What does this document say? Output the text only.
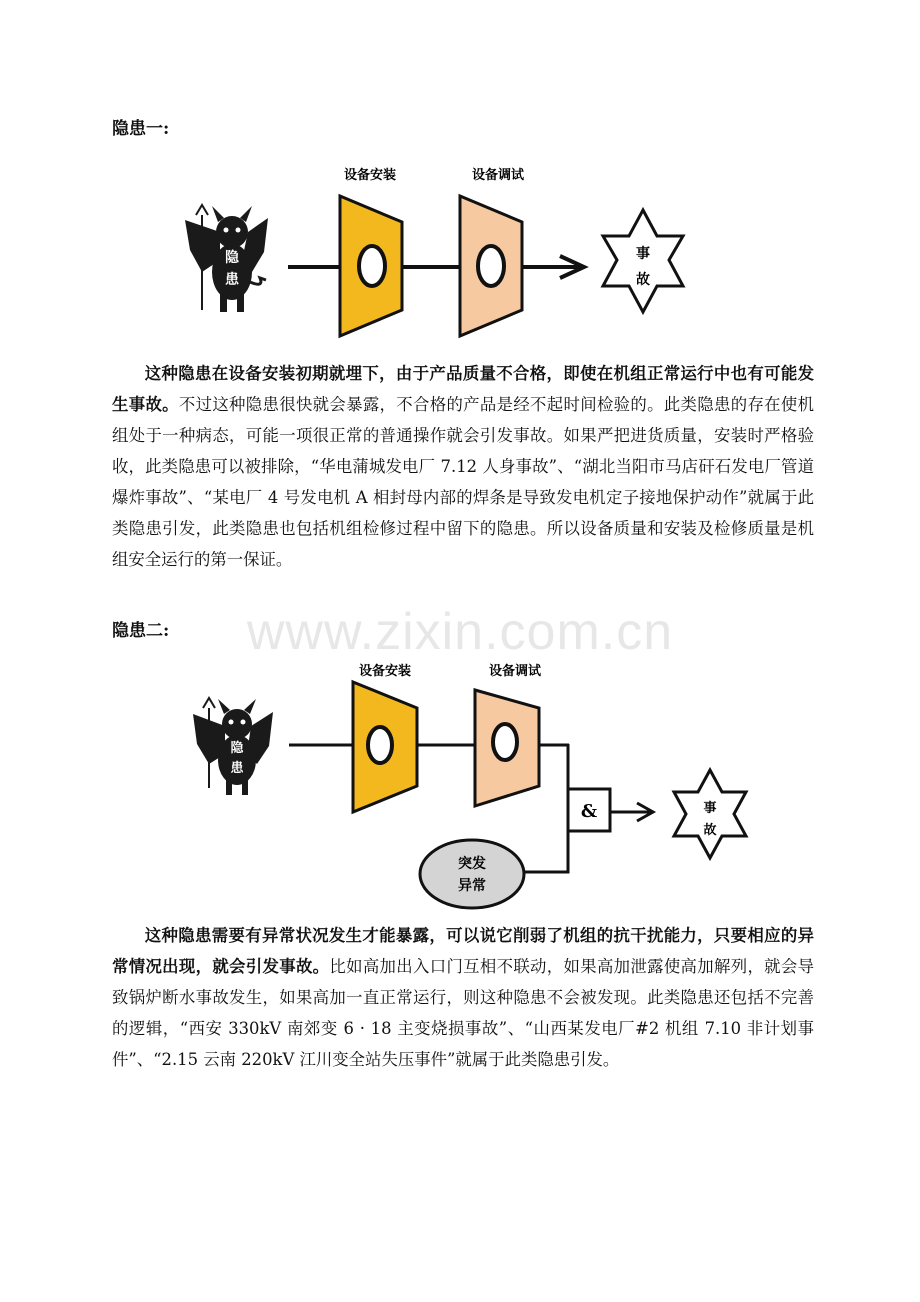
隐患一:
设备安装	设备调试
隐
患
事
故

这种隐患在设备安装初期就埋下，由于产品质量不合格，即使在机组正常运行中也有可能发生事故。不过这种隐患很快就会暴露，不合格的产品是经不起时间检验的。此类隐患的存在使机组处于一种病态，可能一项很正常的普通操作就会引发事故。如果严把进货质量，安装时严格验收，此类隐患可以被排除，“华电蒲城发电厂 7.12 人身事故”、“湖北当阳市马店矸石发电厂管道爆炸事故”、“某电厂 4 号发电机 A 相封母内部的焊条是导致发电机定子接地保护动作”就属于此类隐患引发，此类隐患也包括机组检修过程中留下的隐患。所以设备质量和安装及检修质量是机组安全运行的第一保证。

www.zixin.com.cn
隐患二:
设备安装	设备调试
隐
患
&
突发
异常
事
故

这种隐患需要有异常状况发生才能暴露，可以说它削弱了机组的抗干扰能力，只要相应的异常情况出现，就会引发事故。比如高加出入口门互相不联动，如果高加泄露使高加解列，就会导致锅炉断水事故发生，如果高加一直正常运行，则这种隐患不会被发现。此类隐患还包括不完善的逻辑，“西安 330kV 南郊变 6 · 18 主变烧损事故”、“山西某发电厂#2 机组 7.10 非计划事件”、“2.15 云南 220kV 江川变全站失压事件”就属于此类隐患引发。
